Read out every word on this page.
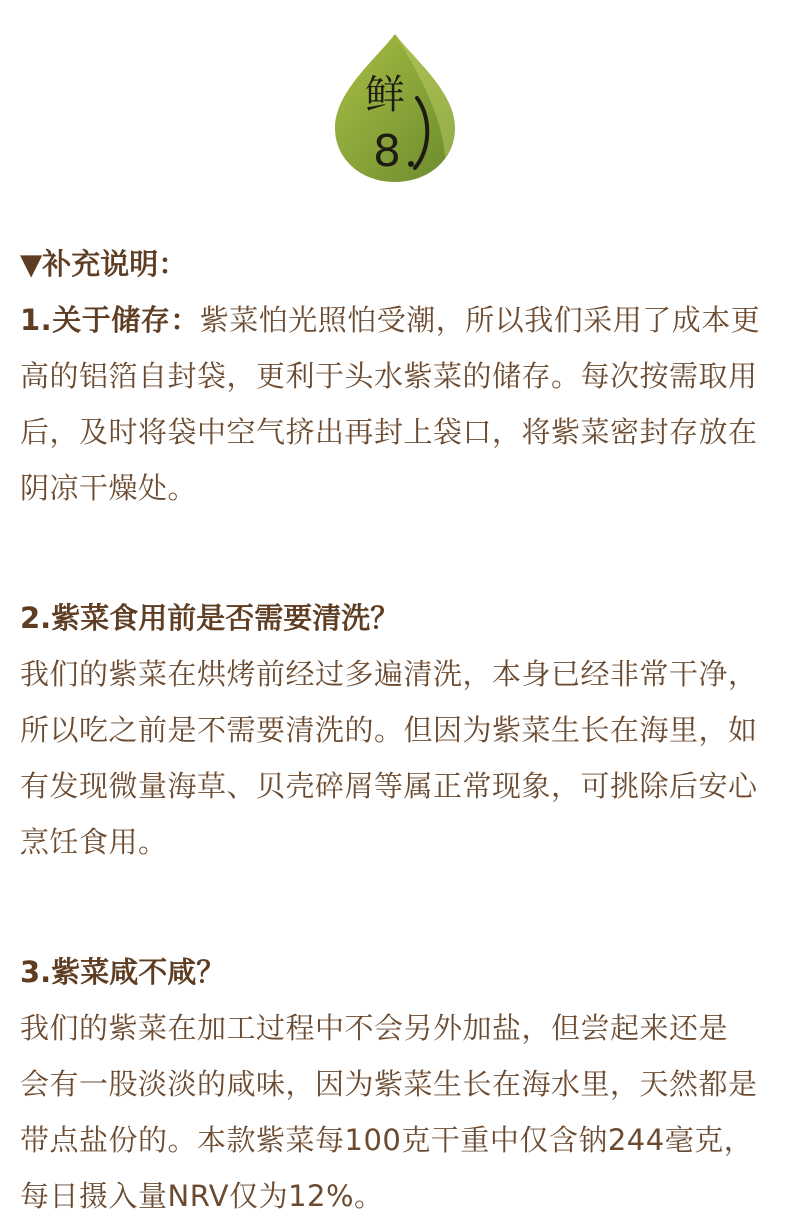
鲜
8
▼补充说明：
1.关于储存：紫菜怕光照怕受潮，所以我们采用了成本更
高的铝箔自封袋，更利于头水紫菜的储存。每次按需取用
后，及时将袋中空气挤出再封上袋口，将紫菜密封存放在
阴凉干燥处。
2.紫菜食用前是否需要清洗？
我们的紫菜在烘烤前经过多遍清洗，本身已经非常干净，
所以吃之前是不需要清洗的。但因为紫菜生长在海里，如
有发现微量海草、贝壳碎屑等属正常现象，可挑除后安心
烹饪食用。
3.紫菜咸不咸？
我们的紫菜在加工过程中不会另外加盐，但尝起来还是
会有一股淡淡的咸味，因为紫菜生长在海水里，天然都是
带点盐份的。本款紫菜每100克干重中仅含钠244毫克，
每日摄入量NRV仅为12%。
